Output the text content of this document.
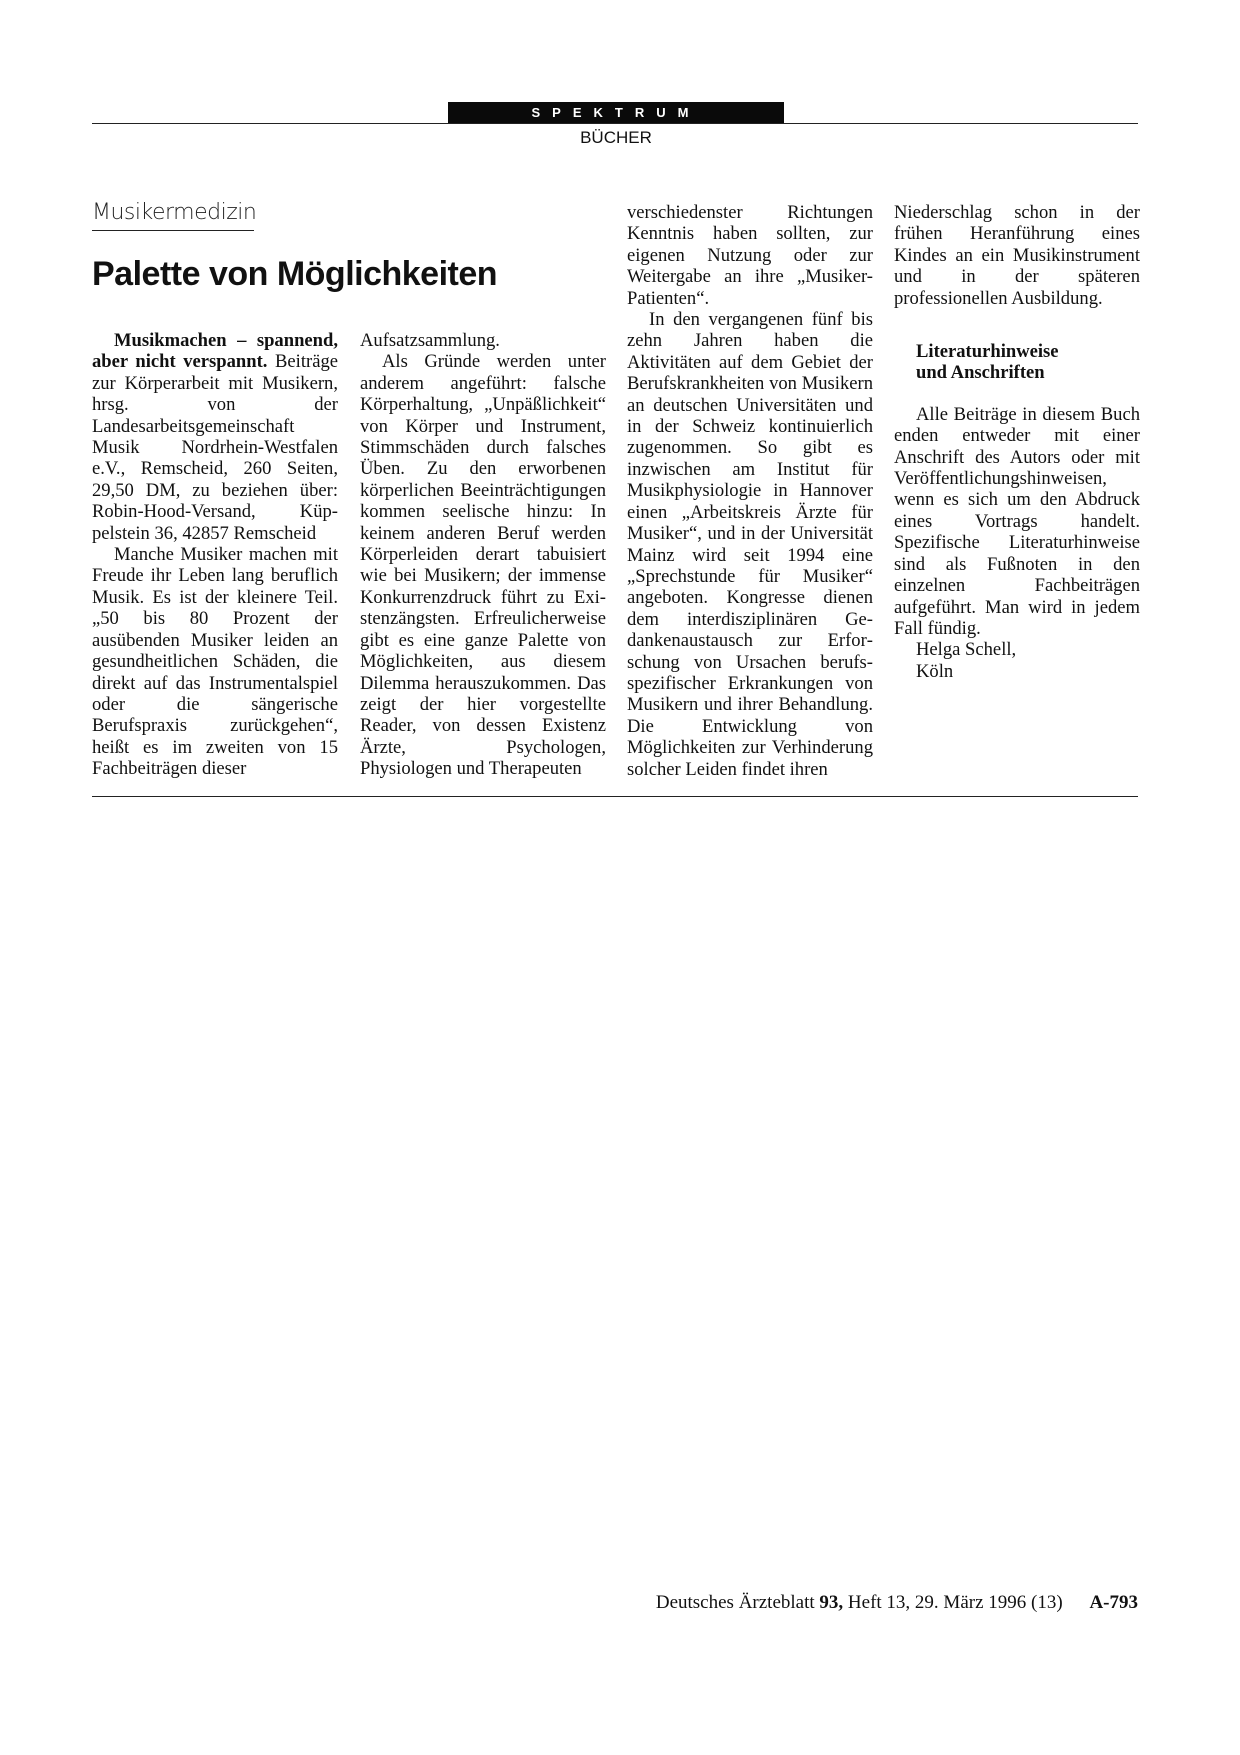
SPEKTRUM
BÜCHER
Musikermedizin
Palette von Möglichkeiten

Musikmachen – spannend, aber nicht verspannt. Beiträge zur Körperarbeit mit Musikern, hrsg. von der Landesarbeitsgemeinschaft Musik Nordrhein-Westfalen e.V., Remscheid, 260 Seiten, 29,50 DM, zu beziehen über: Robin-Hood-Versand, Küppelstein 36, 42857 Remscheid

Manche Musiker machen mit Freude ihr Leben lang beruflich Musik. Es ist der kleinere Teil. „50 bis 80 Prozent der ausübenden Musiker leiden an gesundheitlichen Schäden, die direkt auf das Instrumentalspiel oder die sängerische Berufspraxis zurückgehen“, heißt es im zweiten von 15 Fachbeiträgen dieser

Aufsatzsammlung.

Als Gründe werden unter anderem angeführt: falsche Körperhaltung, „Unpäßlichkeit“ von Körper und Instrument, Stimmschäden durch falsches Üben. Zu den erworbenen körperlichen Beeinträchtigungen kommen seelische hinzu: In keinem anderen Beruf werden Körperleiden derart tabuisiert wie bei Musikern; der immense Konkurrenzdruck führt zu Existenzängsten. Erfreulicherweise gibt es eine ganze Palette von Möglichkeiten, aus diesem Dilemma herauszukommen. Das zeigt der hier vorgestellte Reader, von dessen Existenz Ärzte, Psychologen, Physiologen und Therapeuten

verschiedenster Richtungen Kenntnis haben sollten, zur eigenen Nutzung oder zur Weitergabe an ihre „Musiker-Patienten“.

In den vergangenen fünf bis zehn Jahren haben die Aktivitäten auf dem Gebiet der Berufskrankheiten von Musikern an deutschen Universitäten und in der Schweiz kontinuierlich zugenommen. So gibt es inzwischen am Institut für Musikphysiologie in Hannover einen „Arbeitskreis Ärzte für Musiker“, und in der Universität Mainz wird seit 1994 eine „Sprechstunde für Musiker“ angeboten. Kongresse dienen dem interdisziplinären Gedankenaustausch zur Erforschung von Ursachen berufsspezifischer Erkrankungen von Musikern und ihrer Behandlung. Die Entwicklung von Möglichkeiten zur Verhinderung solcher Leiden findet ihren

Niederschlag schon in der frühen Heranführung eines Kindes an ein Musikinstrument und in der späteren professionellen Ausbildung.

Literaturhinweise
und Anschriften

Alle Beiträge in diesem Buch enden entweder mit einer Anschrift des Autors oder mit Veröffentlichungshinweisen, wenn es sich um den Abdruck eines Vortrags handelt. Spezifische Literaturhinweise sind als Fußnoten in den einzelnen Fachbeiträgen aufgeführt. Man wird in jedem Fall fündig.

Helga Schell,
Köln
Deutsches Ärzteblatt 93, Heft 13, 29. März 1996 (13) A-793
